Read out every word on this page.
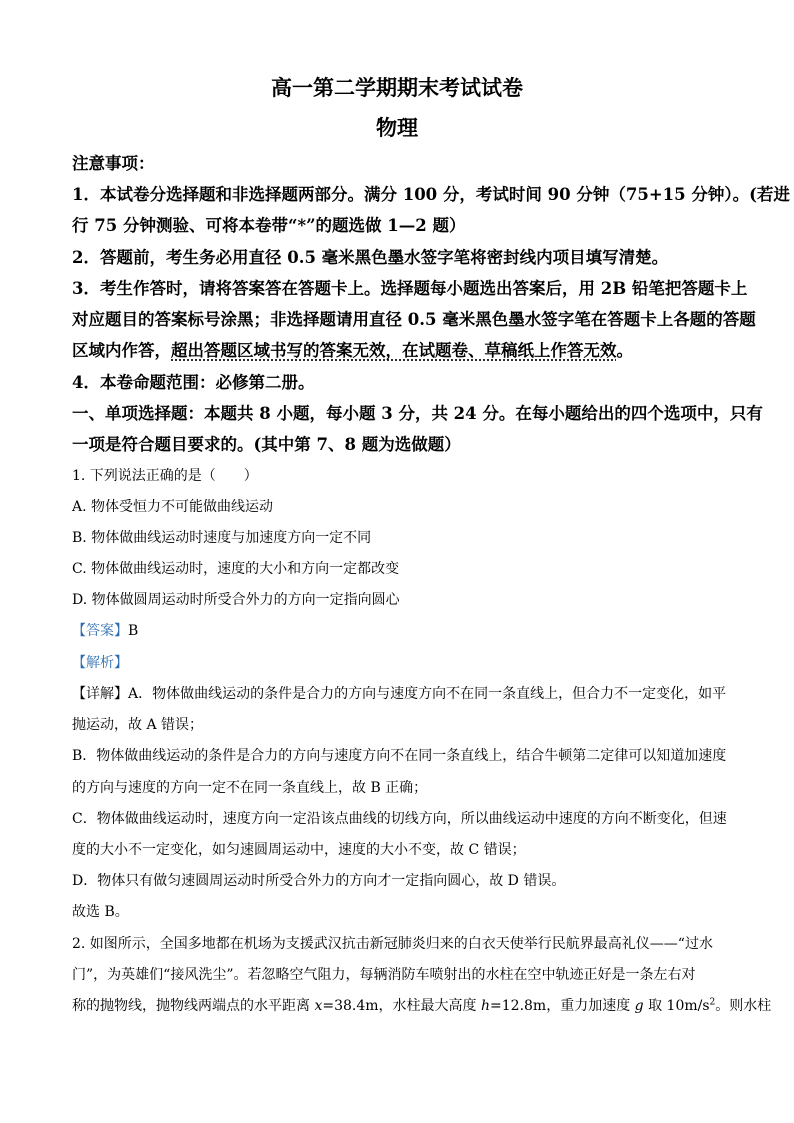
高一第二学期期末考试试卷
物理
注意事项：
1．本试卷分选择题和非选择题两部分。满分 100 分，考试时间 90 分钟（75+15 分钟）。(若进
行 75 分钟测验、可将本卷带“*”的题选做 1—2 题）
2．答题前，考生务必用直径 0.5 毫米黑色墨水签字笔将密封线内项目填写清楚。
3．考生作答时，请将答案答在答题卡上。选择题每小题选出答案后，用 2B 铅笔把答题卡上
对应题目的答案标号涂黑；非选择题请用直径 0.5 毫米黑色墨水签字笔在答题卡上各题的答题
区域内作答，超出答题区域书写的答案无效，在试题卷、草稿纸上作答无效。
4．本卷命题范围：必修第二册。
一、单项选择题：本题共 8 小题，每小题 3 分，共 24 分。在每小题给出的四个选项中，只有
一项是符合题目要求的。(其中第 7、8 题为选做题）
1. 下列说法正确的是（　　）
A. 物体受恒力不可能做曲线运动
B. 物体做曲线运动时速度与加速度方向一定不同
C. 物体做曲线运动时，速度的大小和方向一定都改变
D. 物体做圆周运动时所受合外力的方向一定指向圆心
【答案】B
【解析】
【详解】A．物体做曲线运动的条件是合力的方向与速度方向不在同一条直线上，但合力不一定变化，如平
抛运动，故 A 错误；
B．物体做曲线运动的条件是合力的方向与速度方向不在同一条直线上，结合牛顿第二定律可以知道加速度
的方向与速度的方向一定不在同一条直线上，故 B 正确；
C．物体做曲线运动时，速度方向一定沿该点曲线的切线方向，所以曲线运动中速度的方向不断变化，但速
度的大小不一定变化，如匀速圆周运动中，速度的大小不变，故 C 错误；
D．物体只有做匀速圆周运动时所受合外力的方向才一定指向圆心，故 D 错误。
故选 B。
2. 如图所示，全国多地都在机场为支援武汉抗击新冠肺炎归来的白衣天使举行民航界最高礼仪——“过水
门”，为英雄们“接风洗尘”。若忽略空气阻力，每辆消防车喷射出的水柱在空中轨迹正好是一条左右对
称的抛物线，抛物线两端点的水平距离 x=38.4m，水柱最大高度 h=12.8m，重力加速度 g 取 $10m/s^2$。则水柱
